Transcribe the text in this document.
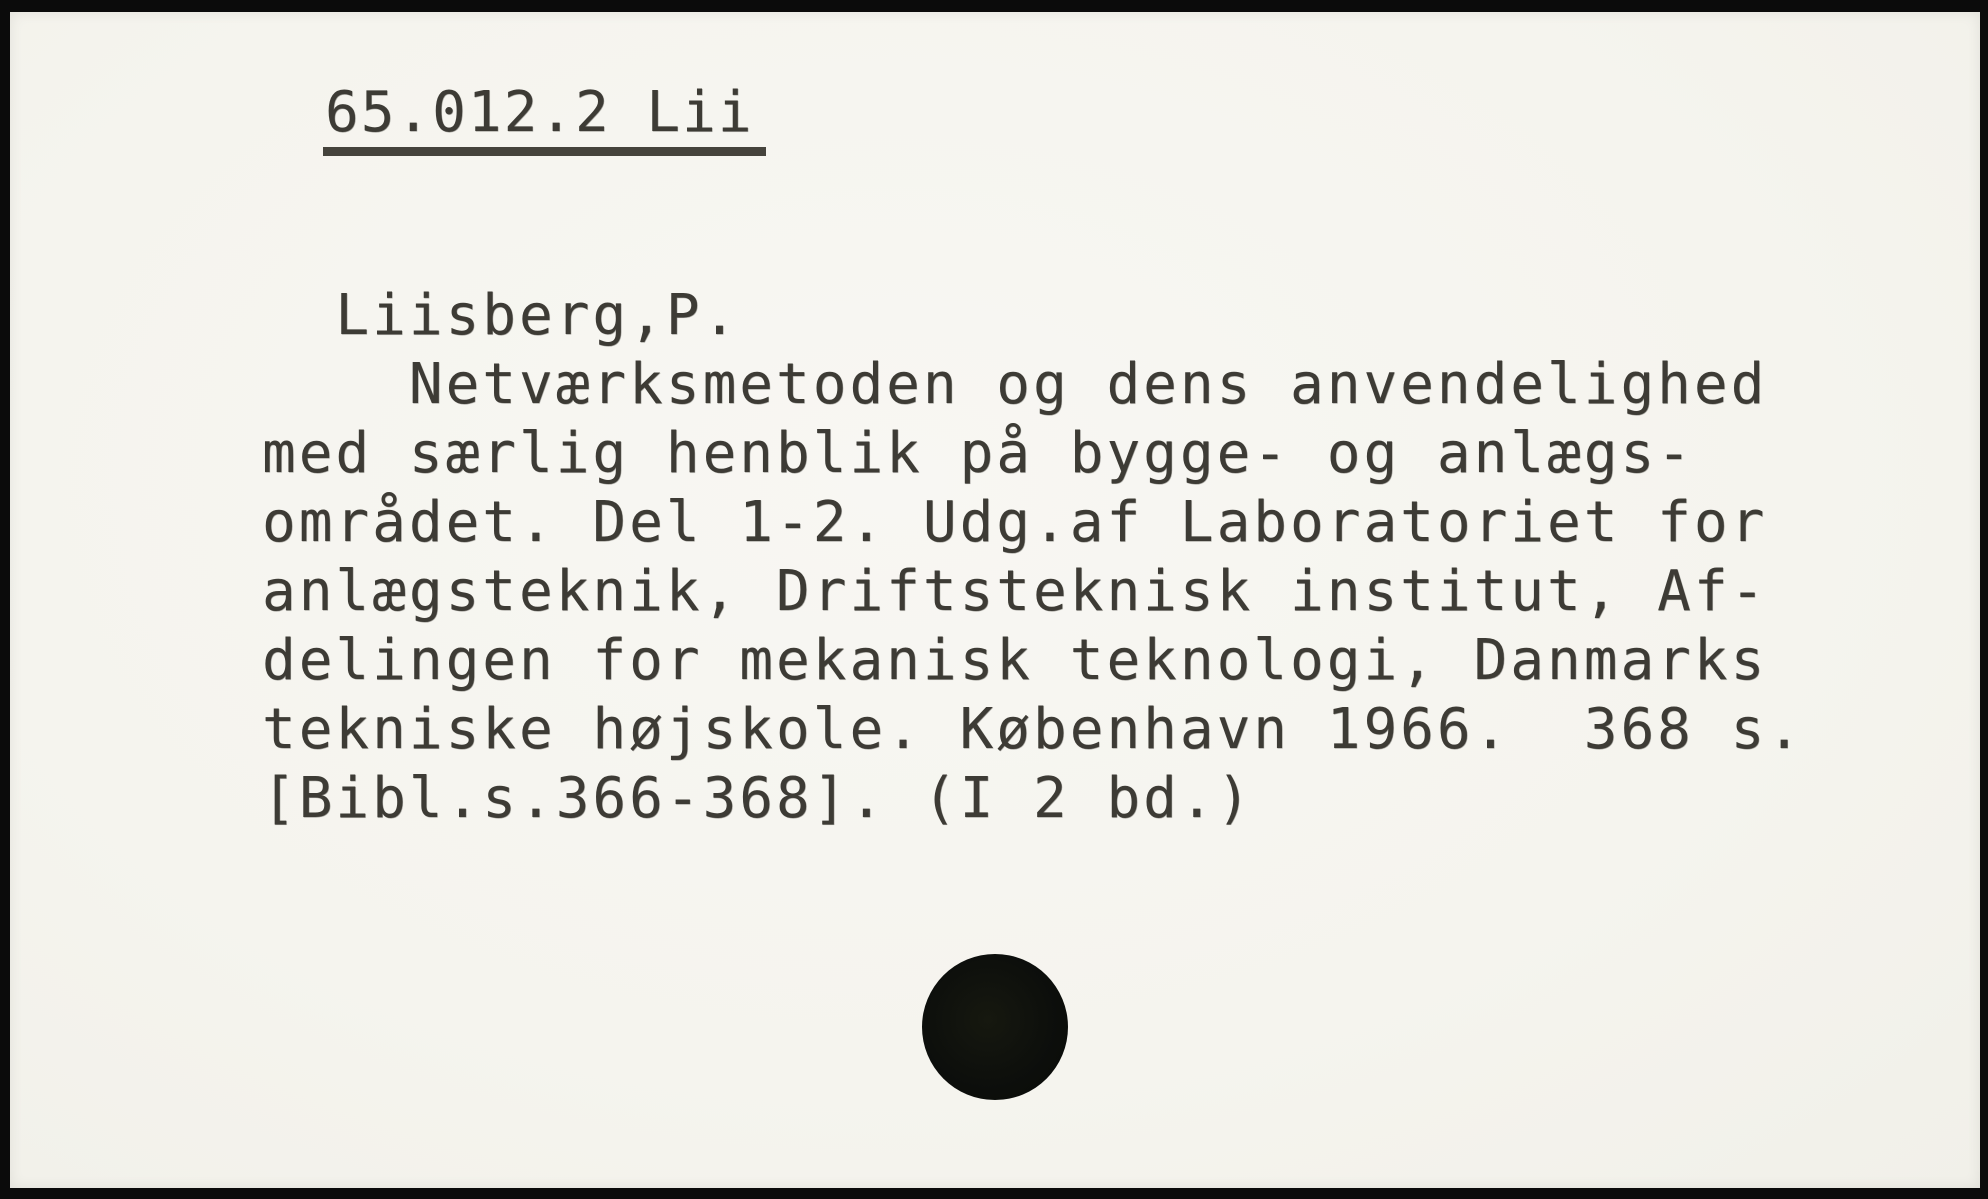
65.012.2 Lii
Liisberg,P.
Netværksmetoden og dens anvendelighed
med særlig henblik på bygge- og anlægs-
området. Del 1-2. Udg.af Laboratoriet for
anlægsteknik, Driftsteknisk institut, Af-
delingen for mekanisk teknologi, Danmarks
tekniske højskole. København 1966.  368 s.
[Bibl.s.366-368]. (I 2 bd.)
